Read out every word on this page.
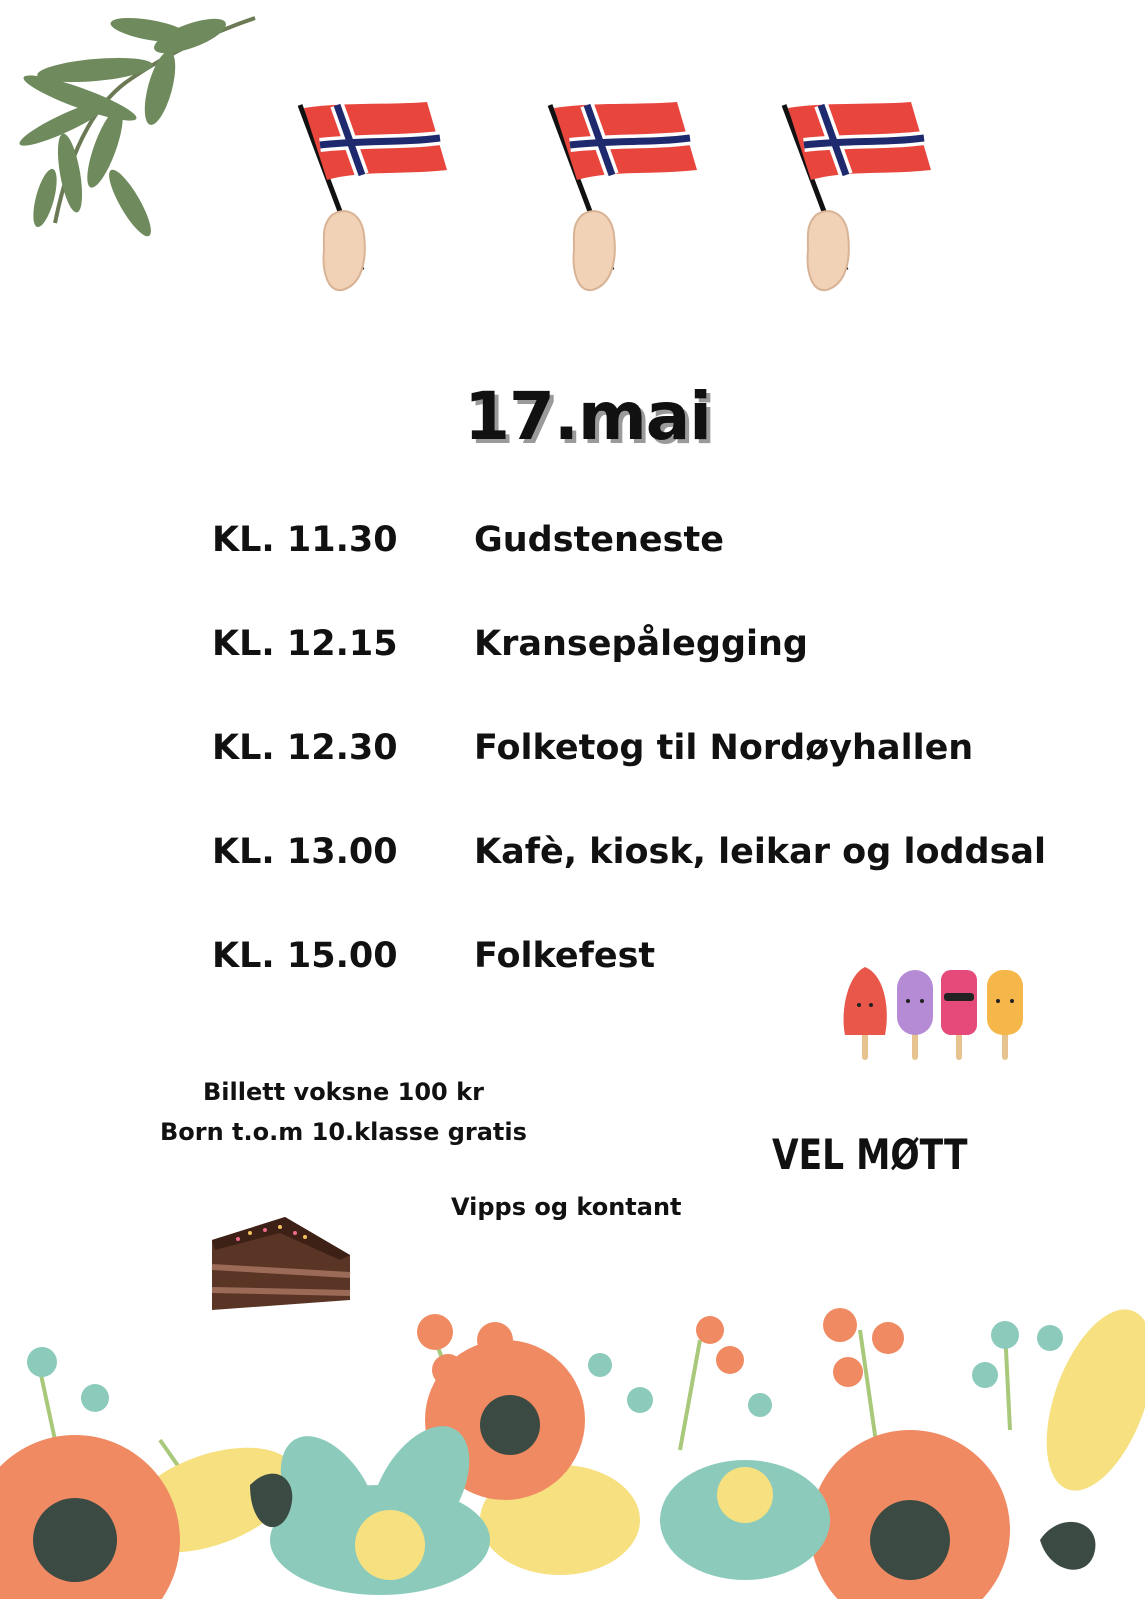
17.mai
KL. 11.30 Gudsteneste
KL. 12.15 Kransepålegging
KL. 12.30 Folketog til Nordøyhallen
KL. 13.00 Kafè, kiosk, leikar og loddsal
KL. 15.00 Folkefest
Billett voksne 100 kr
Born t.o.m 10.klasse gratis
Vipps og kontant
VEL MØTT
